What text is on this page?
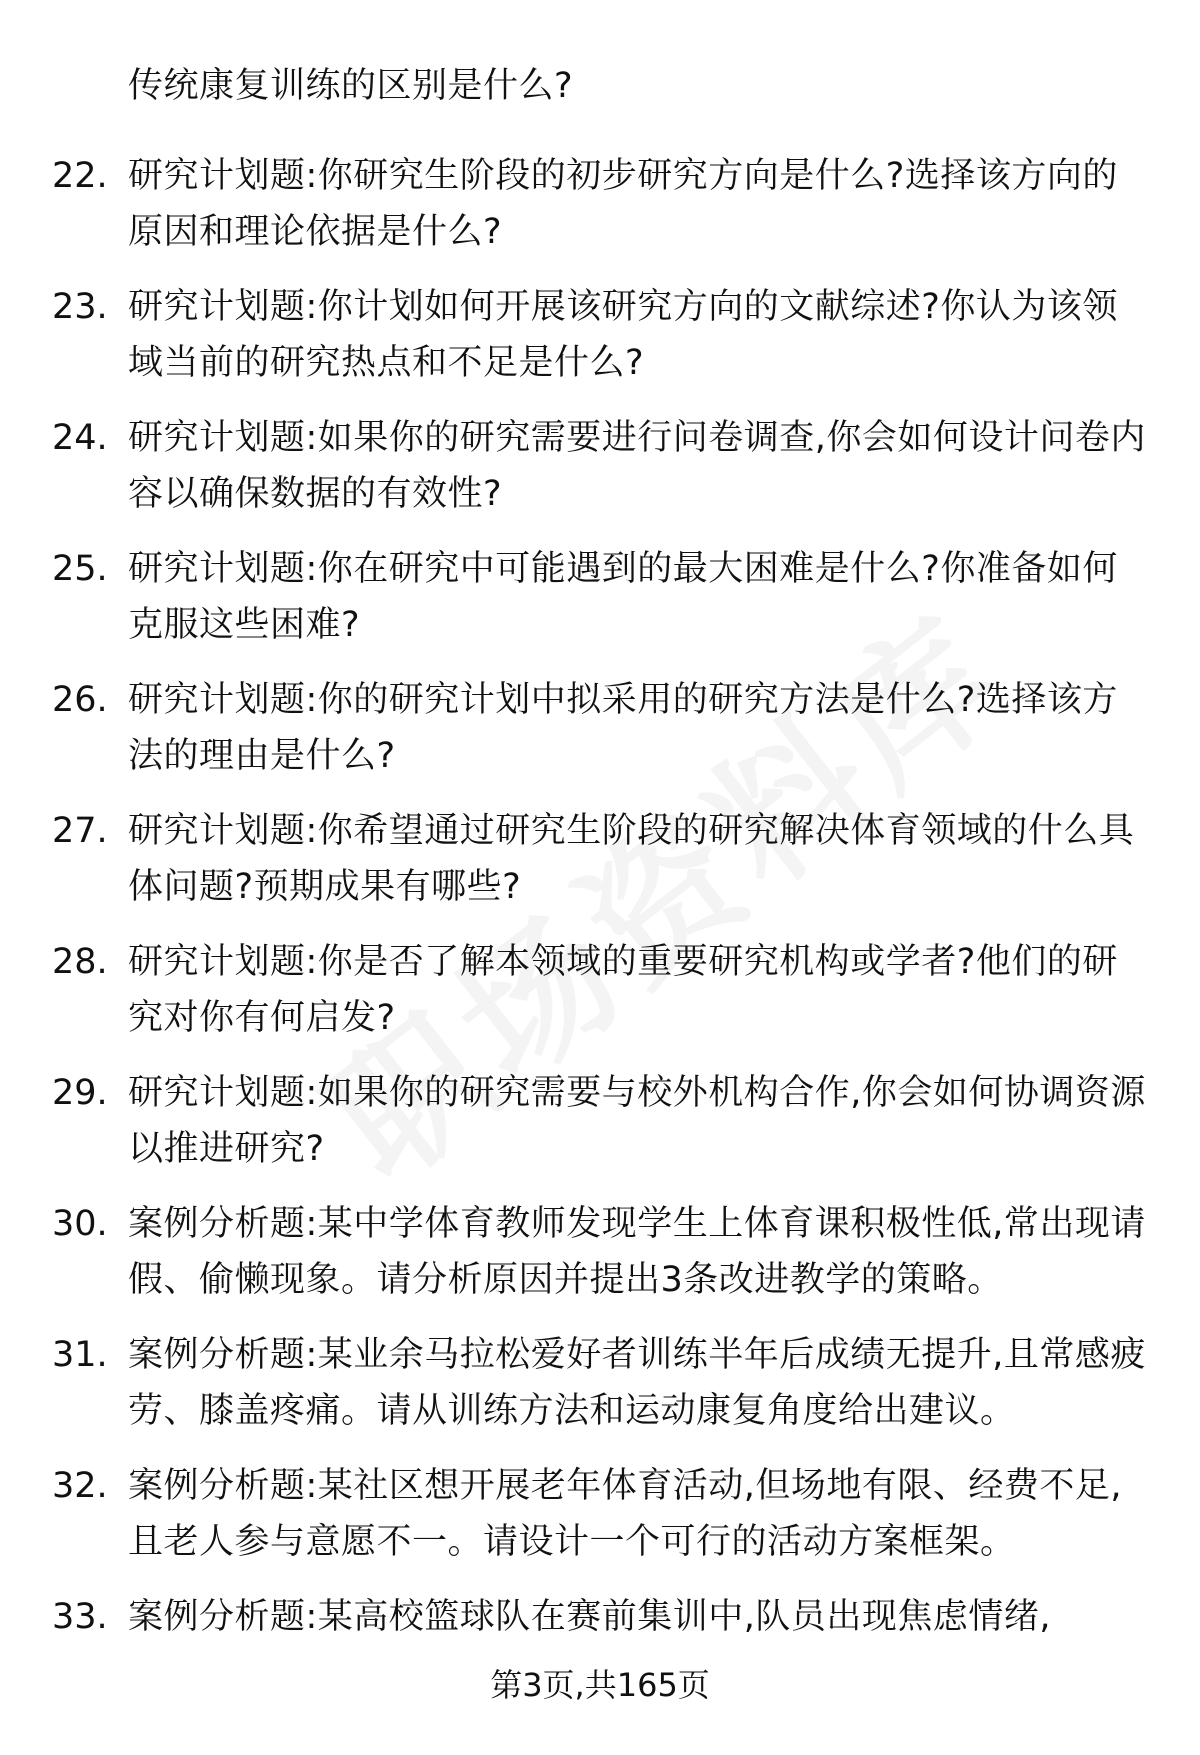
传统康复训练的区别是什么?
22. 研究计划题:你研究生阶段的初步研究方向是什么?选择该方向的原因和理论依据是什么?
23. 研究计划题:你计划如何开展该研究方向的文献综述?你认为该领域当前的研究热点和不足是什么?
24. 研究计划题:如果你的研究需要进行问卷调查,你会如何设计问卷内容以确保数据的有效性?
25. 研究计划题:你在研究中可能遇到的最大困难是什么?你准备如何克服这些困难?
26. 研究计划题:你的研究计划中拟采用的研究方法是什么?选择该方法的理由是什么?
27. 研究计划题:你希望通过研究生阶段的研究解决体育领域的什么具体问题?预期成果有哪些?
28. 研究计划题:你是否了解本领域的重要研究机构或学者?他们的研究对你有何启发?
29. 研究计划题:如果你的研究需要与校外机构合作,你会如何协调资源以推进研究?
30. 案例分析题:某中学体育教师发现学生上体育课积极性低,常出现请假、偷懒现象。请分析原因并提出3条改进教学的策略。
31. 案例分析题:某业余马拉松爱好者训练半年后成绩无提升,且常感疲劳、膝盖疼痛。请从训练方法和运动康复角度给出建议。
32. 案例分析题:某社区想开展老年体育活动,但场地有限、经费不足,且老人参与意愿不一。请设计一个可行的活动方案框架。
33. 案例分析题:某高校篮球队在赛前集训中,队员出现焦虑情绪,
第3页,共165页
